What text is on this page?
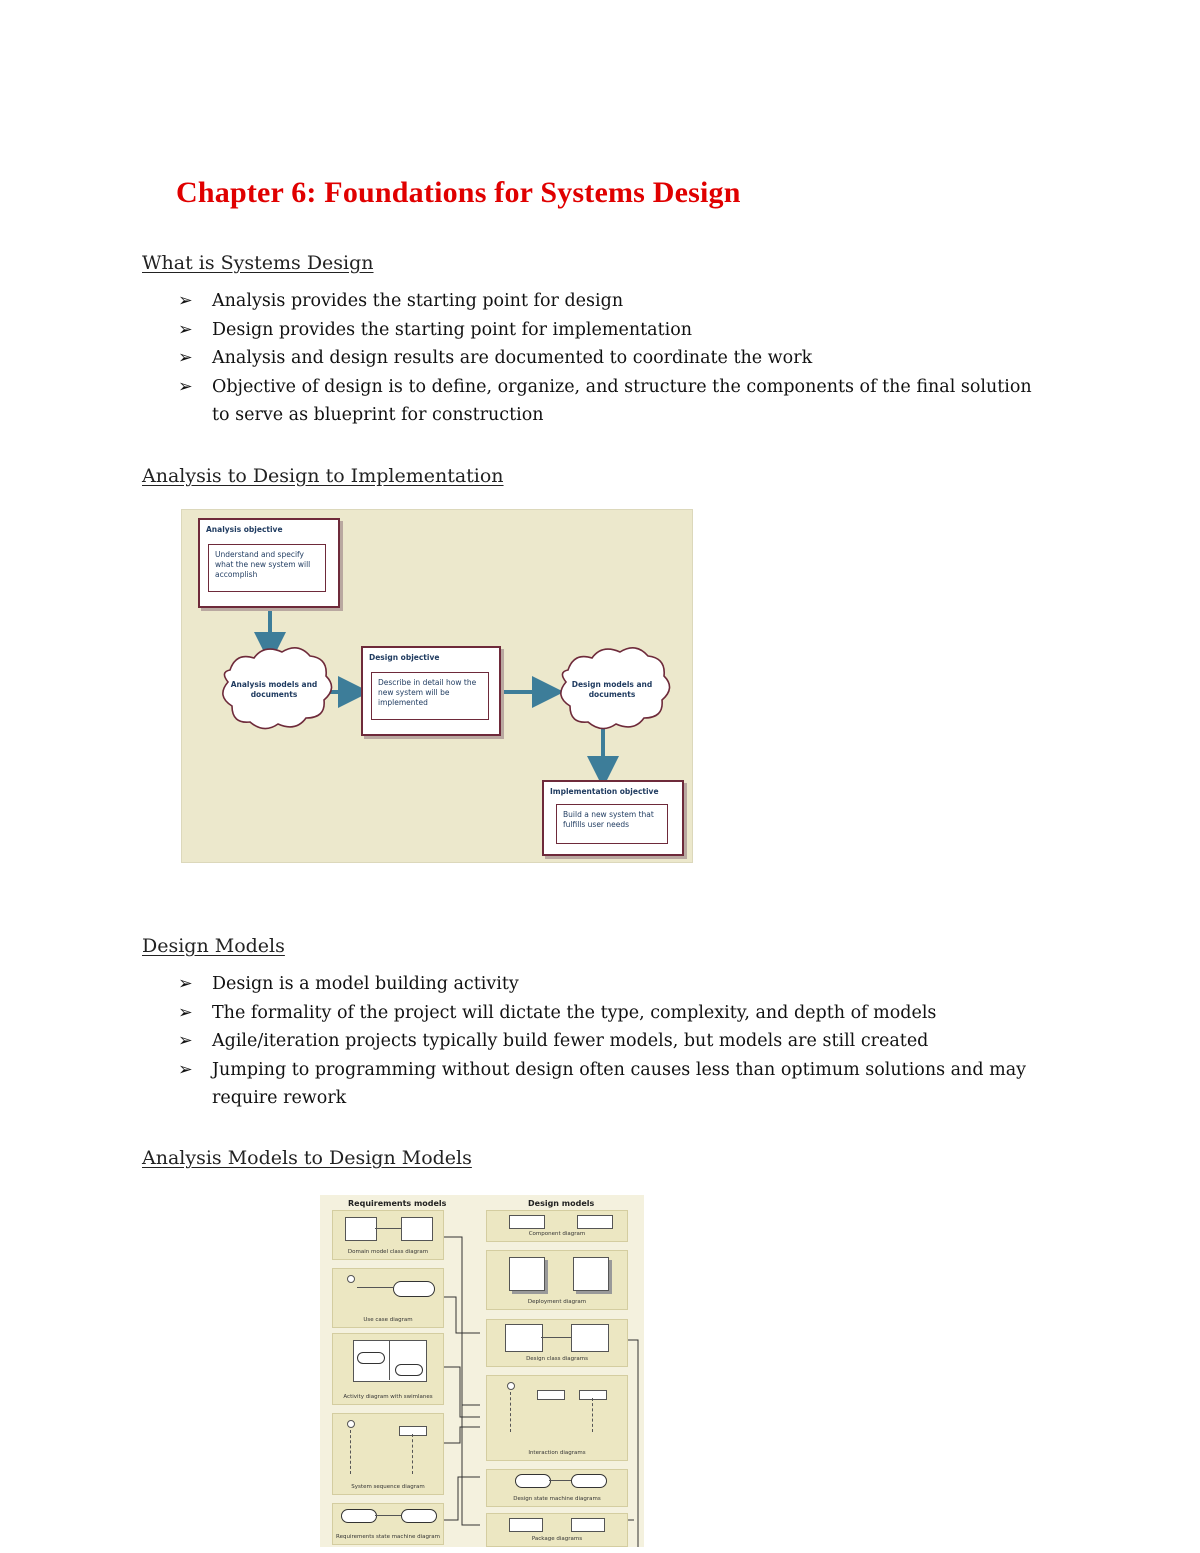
Chapter 6: Foundations for Systems Design
What is Systems Design
➢ Analysis provides the starting point for design
➢ Design provides the starting point for implementation
➢ Analysis and design results are documented to coordinate the work
➢ Objective of design is to define, organize, and structure the components of the final solution to serve as blueprint for construction
Analysis to Design to Implementation
Analysis objective
Understand and specify what the new system will accomplish
Analysis models and documents
Design objective
Describe in detail how the new system will be implemented
Design models and documents
Implementation objective
Build a new system that fulfills user needs
Design Models
➢ Design is a model building activity
➢ The formality of the project will dictate the type, complexity, and depth of models
➢ Agile/iteration projects typically build fewer models, but models are still created
➢ Jumping to programming without design often causes less than optimum solutions and may require rework
Analysis Models to Design Models
Requirements models	Design models
Domain model class diagram
Use case diagram
Activity diagram with swimlanes
System sequence diagram
Requirements state machine diagram
Component diagram
Deployment diagram
Design class diagrams
Interaction diagrams
Design state machine diagrams
Package diagrams
